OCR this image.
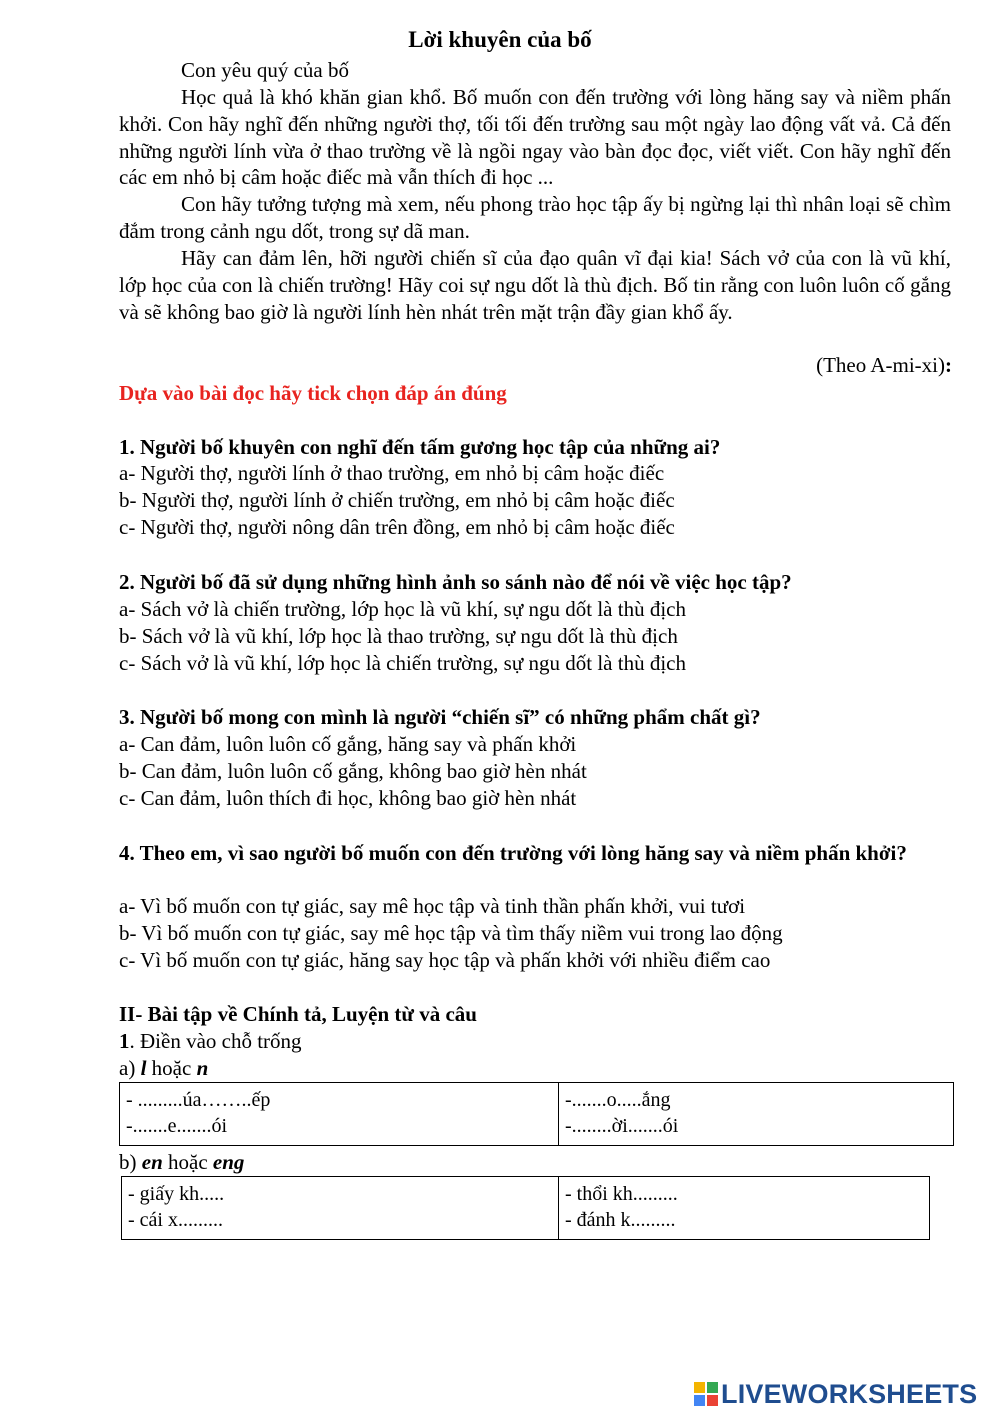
Lời khuyên của bố
Con yêu quý của bố
Học quả là khó khăn gian khổ. Bố muốn con đến trường với lòng hăng say và niềm phấn khởi. Con hãy nghĩ đến những người thợ, tối tối đến trường sau một ngày lao động vất vả. Cả đến những người lính vừa ở thao trường về là ngồi ngay vào bàn đọc đọc, viết viết. Con hãy nghĩ đến các em nhỏ bị câm hoặc điếc mà vẫn thích đi học ...
Con hãy tưởng tượng mà xem, nếu phong trào học tập ấy bị ngừng lại thì nhân loại sẽ chìm đắm trong cảnh ngu dốt, trong sự dã man.
Hãy can đảm lên, hỡi người chiến sĩ của đạo quân vĩ đại kia! Sách vở của con là vũ khí, lớp học của con là chiến trường! Hãy coi sự ngu dốt là thù địch. Bố tin rằng con luôn luôn cố gắng và sẽ không bao giờ là người lính hèn nhát trên mặt trận đầy gian khổ ấy.
(Theo A-mi-xi):
Dựa vào bài đọc hãy tick chọn đáp án đúng
1. Người bố khuyên con nghĩ đến tấm gương học tập của những ai?
a- Người thợ, người lính ở thao trường, em nhỏ bị câm hoặc điếc
b- Người thợ, người lính ở chiến trường, em nhỏ bị câm hoặc điếc
c- Người thợ, người nông dân trên đồng, em nhỏ bị câm hoặc điếc
2. Người bố đã sử dụng những hình ảnh so sánh nào để nói về việc học tập?
a- Sách vở là chiến trường, lớp học là vũ khí, sự ngu dốt là thù địch
b- Sách vở là vũ khí, lớp học là thao trường, sự ngu dốt là thù địch
c- Sách vở là vũ khí, lớp học là chiến trường, sự ngu dốt là thù địch
3. Người bố mong con mình là người “chiến sĩ” có những phẩm chất gì?
a- Can đảm, luôn luôn cố gắng, hăng say và phấn khởi
b- Can đảm, luôn luôn cố gắng, không bao giờ hèn nhát
c- Can đảm, luôn thích đi học, không bao giờ hèn nhát
4. Theo em, vì sao người bố muốn con đến trường với lòng hăng say và niềm phấn khởi?
a- Vì bố muốn con tự giác, say mê học tập và tinh thần phấn khởi, vui tươi
b- Vì bố muốn con tự giác, say mê học tập và tìm thấy niềm vui trong lao động
c- Vì bố muốn con tự giác, hăng say học tập và phấn khởi với nhiều điểm cao
II- Bài tập về Chính tả, Luyện từ và câu
1. Điền vào chỗ trống
a) l hoặc n
- .........úa……..ếp
-.......e.......ói

-.......o.....ắng
-........ời.......ói
b) en hoặc eng
- giấy kh.....
- cái x.........

- thổi kh.........
- đánh k.........
LIVEWORKSHEETS
